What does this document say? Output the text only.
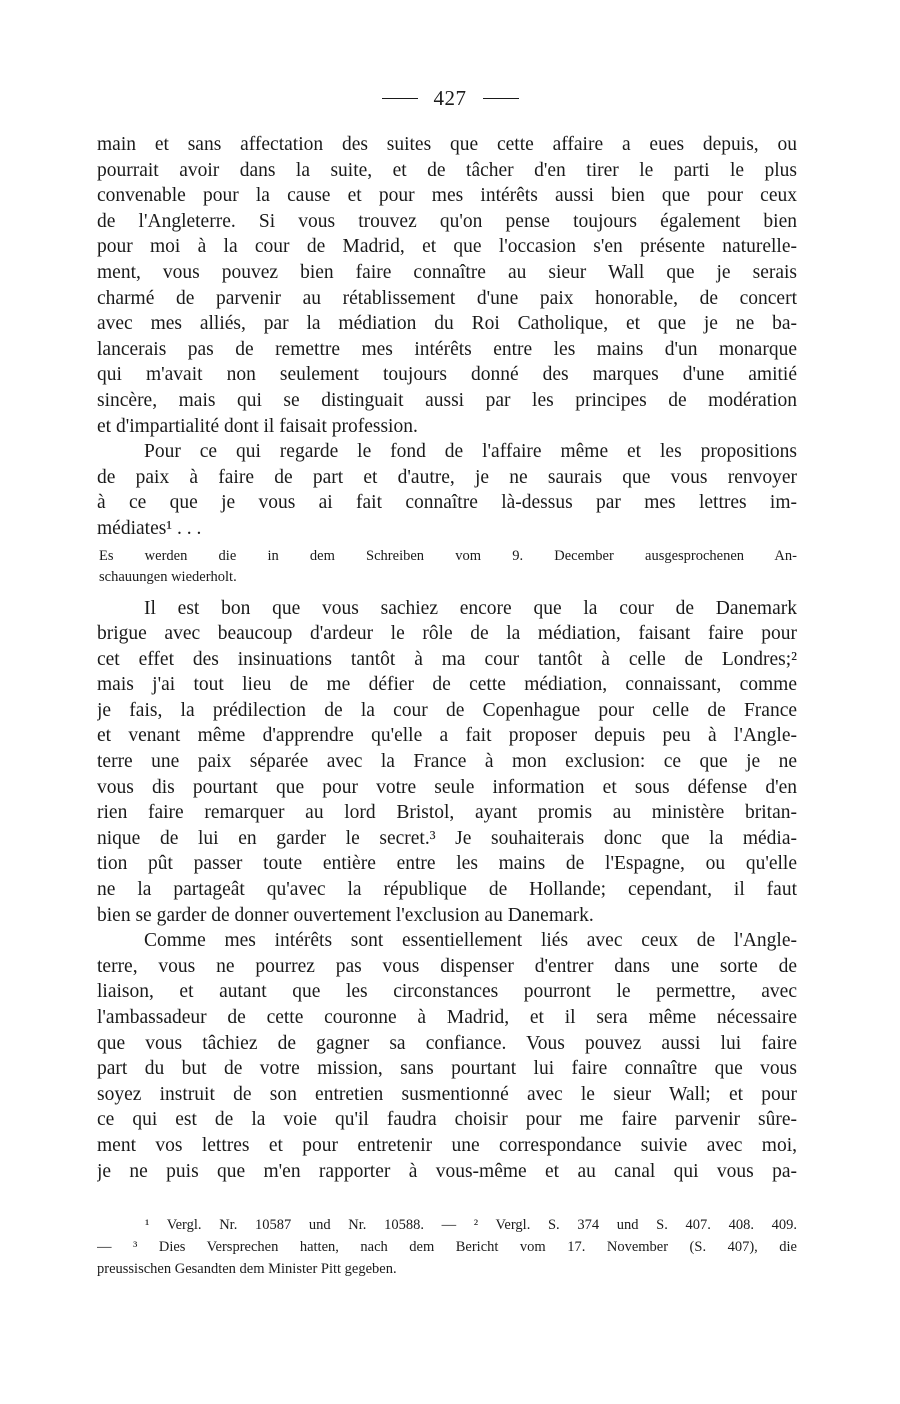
427
main et sans affectation des suites que cette affaire a eues depuis, ou
pourrait avoir dans la suite, et de tâcher d'en tirer le parti le plus
convenable pour la cause et pour mes intérêts aussi bien que pour ceux
de l'Angleterre. Si vous trouvez qu'on pense toujours également bien
pour moi à la cour de Madrid, et que l'occasion s'en présente naturelle-
ment, vous pouvez bien faire connaître au sieur Wall que je serais
charmé de parvenir au rétablissement d'une paix honorable, de concert
avec mes alliés, par la médiation du Roi Catholique, et que je ne ba-
lancerais pas de remettre mes intérêts entre les mains d'un monarque
qui m'avait non seulement toujours donné des marques d'une amitié
sincère, mais qui se distinguait aussi par les principes de modération
et d'impartialité dont il faisait profession.
Pour ce qui regarde le fond de l'affaire même et les propositions
de paix à faire de part et d'autre, je ne saurais que vous renvoyer
à ce que je vous ai fait connaître là-dessus par mes lettres im-
médiates¹ . . .
Es werden die in dem Schreiben vom 9. December ausgesprochenen An-
schauungen wiederholt.
Il est bon que vous sachiez encore que la cour de Danemark
brigue avec beaucoup d'ardeur le rôle de la médiation, faisant faire pour
cet effet des insinuations tantôt à ma cour tantôt à celle de Londres;²
mais j'ai tout lieu de me défier de cette médiation, connaissant, comme
je fais, la prédilection de la cour de Copenhague pour celle de France
et venant même d'apprendre qu'elle a fait proposer depuis peu à l'Angle-
terre une paix séparée avec la France à mon exclusion: ce que je ne
vous dis pourtant que pour votre seule information et sous défense d'en
rien faire remarquer au lord Bristol, ayant promis au ministère britan-
nique de lui en garder le secret.³ Je souhaiterais donc que la média-
tion pût passer toute entière entre les mains de l'Espagne, ou qu'elle
ne la partageât qu'avec la république de Hollande; cependant, il faut
bien se garder de donner ouvertement l'exclusion au Danemark.
Comme mes intérêts sont essentiellement liés avec ceux de l'Angle-
terre, vous ne pourrez pas vous dispenser d'entrer dans une sorte de
liaison, et autant que les circonstances pourront le permettre, avec
l'ambassadeur de cette couronne à Madrid, et il sera même nécessaire
que vous tâchiez de gagner sa confiance. Vous pouvez aussi lui faire
part du but de votre mission, sans pourtant lui faire connaître que vous
soyez instruit de son entretien susmentionné avec le sieur Wall; et pour
ce qui est de la voie qu'il faudra choisir pour me faire parvenir sûre-
ment vos lettres et pour entretenir une correspondance suivie avec moi,
je ne puis que m'en rapporter à vous-même et au canal qui vous pa-
¹ Vergl. Nr. 10587 und Nr. 10588. — ² Vergl. S. 374 und S. 407. 408. 409.
— ³ Dies Versprechen hatten, nach dem Bericht vom 17. November (S. 407), die
preussischen Gesandten dem Minister Pitt gegeben.
